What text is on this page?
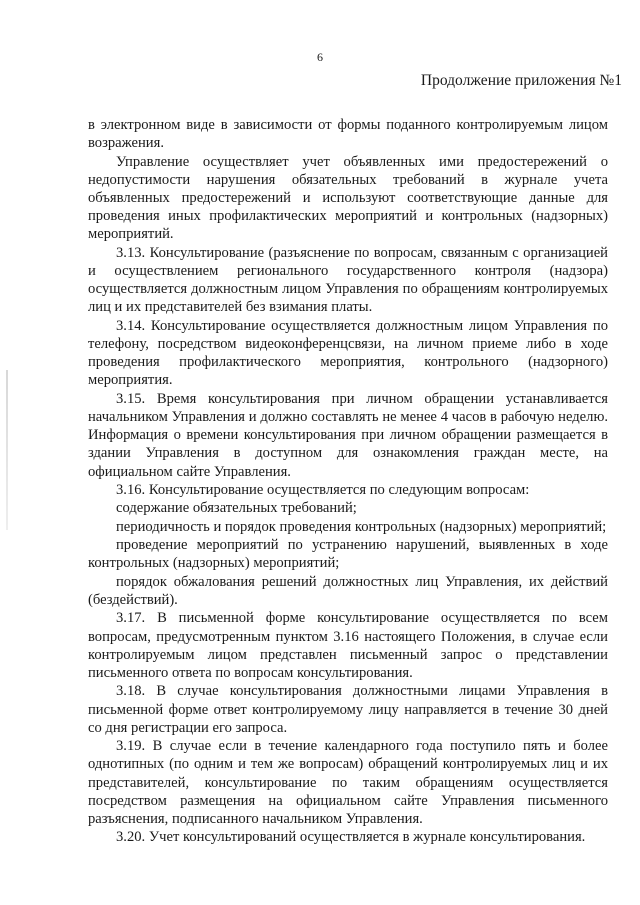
6
Продолжение приложения №1

в электронном виде в зависимости от формы поданного контролируемым лицом возражения.

Управление осуществляет учет объявленных ими предостережений о недопустимости нарушения обязательных требований в журнале учета объявленных предостережений и используют соответствующие данные для проведения иных профилактических мероприятий и контрольных (надзорных) мероприятий.

3.13. Консультирование (разъяснение по вопросам, связанным с организацией и осуществлением регионального государственного контроля (надзора) осуществляется должностным лицом Управления по обращениям контролируемых лиц и их представителей без взимания платы.

3.14. Консультирование осуществляется должностным лицом Управления по телефону, посредством видеоконференцсвязи, на личном приеме либо в ходе проведения профилактического мероприятия, контрольного (надзорного) мероприятия.

3.15. Время консультирования при личном обращении устанавливается начальником Управления и должно составлять не менее 4 часов в рабочую неделю. Информация о времени консультирования при личном обращении размещается в здании Управления в доступном для ознакомления граждан месте, на официальном сайте Управления.

3.16. Консультирование осуществляется по следующим вопросам:

содержание обязательных требований;

периодичность и порядок проведения контрольных (надзорных) мероприятий;

проведение мероприятий по устранению нарушений, выявленных в ходе контрольных (надзорных) мероприятий;

порядок обжалования решений должностных лиц Управления, их действий (бездействий).

3.17. В письменной форме консультирование осуществляется по всем вопросам, предусмотренным пунктом 3.16 настоящего Положения, в случае если контролируемым лицом представлен письменный запрос о представлении письменного ответа по вопросам консультирования.

3.18. В случае консультирования должностными лицами Управления в письменной форме ответ контролируемому лицу направляется в течение 30 дней со дня регистрации его запроса.

3.19. В случае если в течение календарного года поступило пять и более однотипных (по одним и тем же вопросам) обращений контролируемых лиц и их представителей, консультирование по таким обращениям осуществляется посредством размещения на официальном сайте Управления письменного разъяснения, подписанного начальником Управления.

3.20. Учет консультирований осуществляется в журнале консультирования.
